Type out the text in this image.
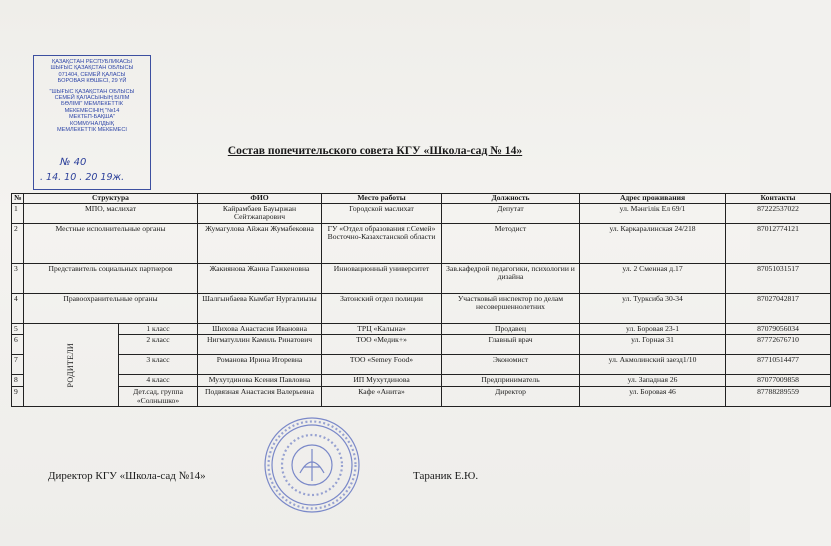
ҚАЗАҚСТАН РЕСПУБЛИКАСЫ
ШЫҒЫС ҚАЗАҚСТАН ОБЛЫСЫ
071404, СЕМЕЙ ҚАЛАСЫ
БОРОВАЯ КӨШЕСІ, 29 ҮЙ
"ШЫҒЫС ҚАЗАҚСТАН ОБЛЫСЫ
СЕМЕЙ ҚАЛАСЫНЫҢ БІЛІМ
БӨЛІМІ" МЕМЛЕКЕТТІК
МЕКЕМЕСІНІҢ "№14
МЕКТЕП-БАҚША"
КОММУНАЛДЫҚ
МЕМЛЕКЕТТІК МЕКЕМЕСІ
№ 40
. 14. 10 . 20 19ж.
Состав попечительского совета КГУ «Школа-сад № 14»
№	Структура		ФИО	Место работы	Должность	Адрес проживания	Контакты
1	МПО, маслихат		Кайрамбаев Бауыржан Сейтжапарович	Городской маслихат	Депутат	ул. Мәнгілік Ел 69/1	87222537022
2	Местные исполнительные органы		Жумагулова Айжан Жумабековна	ГУ «Отдел образования г.Семей» Восточно-Казахстанской области	Методист	ул. Каркаралинская 24/218	87012774121
3	Представитель социальных партнеров		Жакиянова Жанна Гажкеновна	Инновационный университет	Зав.кафедрой педагогики, психологии и дизайна	ул. 2 Сменная д.17	87051031517
4	Правоохранительные органы		Шалгынбаева Кымбат Нургалиызы	Затонский отдел полиции	Участковый инспектор по делам несовершеннолетних	ул. Турксиба 30-34	87027042817
5	РОДИТЕЛИ	1 класс	Шихова Анастасия Ивановна	ТРЦ «Калына»	Продавец	ул. Боровая 23-1	87079056034
6		2 класс	Нигматуллин Камиль Ринатович	ТОО «Медик+»	Главный врач	ул. Горная 31	87772676710
7		3 класс	Романова Ирина Игоревна	ТОО «Semey Food»	Экономист	ул. Акмолинский заезд1/10	87710514477
8		4 класс	Мухутдинова Ксения Павловна	ИП Мухутдинова	Предприниматель	ул. Западная 26	87077009858
9		Дет.сад, группа «Солнышко»	Подвязная Анастасия Валерьевна	Кафе «Анита»	Директор	ул. Боровая 46	87788289559
Директор КГУ «Школа-сад №14»	Тараник Е.Ю.
